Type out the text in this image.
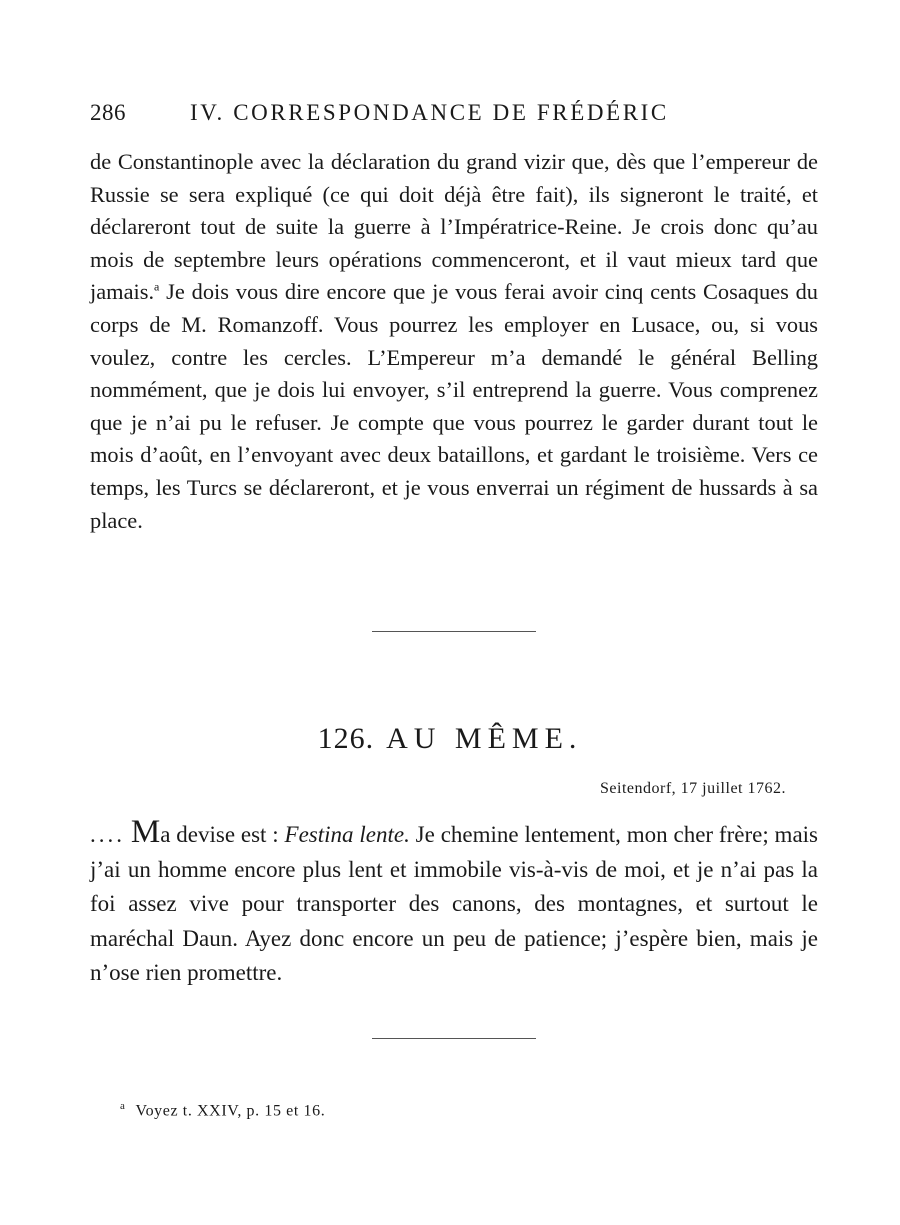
286	IV. CORRESPONDANCE DE FRÉDÉRIC

de Constantinople avec la déclaration du grand vizir que, dès que l’empereur de Russie se sera expliqué (ce qui doit déjà être fait), ils signeront le traité, et déclareront tout de suite la guerre à l’Impératrice-Reine. Je crois donc qu’au mois de septembre leurs opérations commenceront, et il vaut mieux tard que jamais.$^a$ Je dois vous dire encore que je vous ferai avoir cinq cents Cosaques du corps de M. Romanzoff. Vous pourrez les employer en Lusace, ou, si vous voulez, contre les cercles. L’Empereur m’a demandé le général Belling nommément, que je dois lui envoyer, s’il entreprend la guerre. Vous comprenez que je n’ai pu le refuser. Je compte que vous pourrez le garder durant tout le mois d’août, en l’envoyant avec deux bataillons, et gardant le troisième. Vers ce temps, les Turcs se déclareront, et je vous enverrai un régiment de hussards à sa place.

126. AU MÊME.
Seitendorf, 17 juillet 1762.

.... Ma devise est : Festina lente. Je chemine lentement, mon cher frère; mais j’ai un homme encore plus lent et immobile vis-à-vis de moi, et je n’ai pas la foi assez vive pour transporter des canons, des montagnes, et surtout le maréchal Daun. Ayez donc encore un peu de patience; j’espère bien, mais je n’ose rien promettre.

$^a$ Voyez t. XXIV, p. 15 et 16.
